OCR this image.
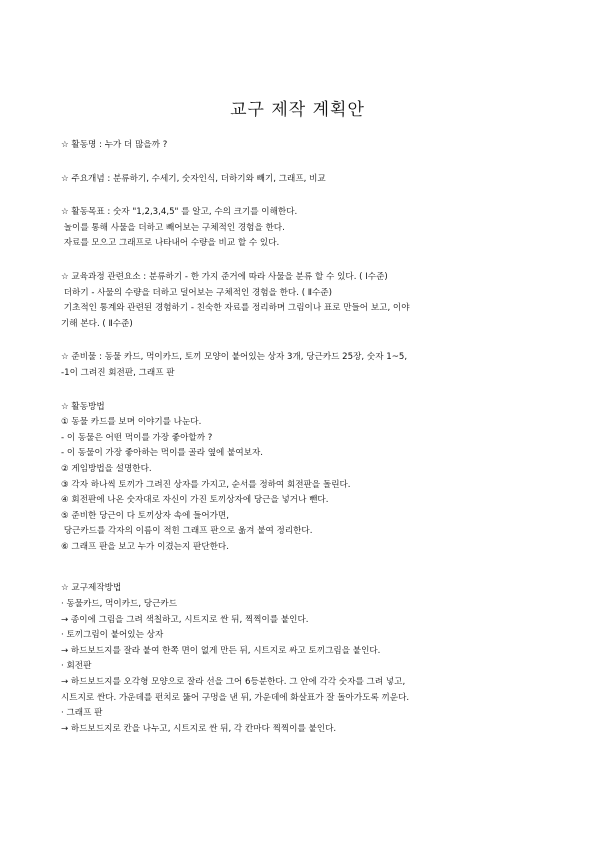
교구 제작 계획안

☆ 활동명 : 누가 더 많을까 ?

☆ 주요개념 : 분류하기, 수세기, 숫자인식, 더하기와 빼기, 그래프, 비교

☆ 활동목표 : 숫자 "1,2,3,4,5" 를 알고, 수의 크기를 이해한다.

놀이를 통해 사물을 더하고 빼어보는 구체적인 경험을 한다.

자료를 모으고 그래프로 나타내어 수량을 비교 할 수 있다.

☆ 교육과정 관련요소 : 분류하기 - 한 가지 준거에 따라 사물을 분류 할 수 있다. ( Ⅰ수준)

더하기 - 사물의 수량을 더하고 덜어보는 구체적인 경험을 한다. ( Ⅱ수준)

기초적인 통계와 관련된 경험하기 - 친숙한 자료를 정리하며 그림이나 표로 만들어 보고, 이야

기해 본다. ( Ⅱ수준)

☆ 준비물 : 동물 카드, 먹이카드, 토끼 모양이 붙어있는 상자 3개, 당근카드 25장, 숫자 1~5,

-1이 그려진 회전판, 그래프 판

☆ 활동방법

① 동물 카드를 보며 이야기를 나눈다.

- 이 동물은 어떤 먹이를 가장 좋아할까 ?

- 이 동물이 가장 좋아하는 먹이를 골라 옆에 붙여보자.

② 게임방법을 설명한다.

③ 각자 하나씩 토끼가 그려진 상자를 가지고, 순서를 정하여 회전판을 돌린다.

④ 회전판에 나온 숫자대로 자신이 가진 토끼상자에 당근을 넣거나 뺀다.

⑤ 준비한 당근이 다 토끼상자 속에 들어가면,

당근카드를 각자의 이름이 적힌 그래프 판으로 옮겨 붙여 정리한다.

⑥ 그래프 판을 보고 누가 이겼는지 판단한다.

☆ 교구제작방법

· 동물카드, 먹이카드, 당근카드

→ 종이에 그림을 그려 색칠하고, 시트지로 싼 뒤, 찍찍이를 붙인다.

· 토끼그림이 붙어있는 상자

→ 하드보드지를 잘라 붙여 한쪽 면이 없게 만든 뒤, 시트지로 싸고 토끼그림을 붙인다.

· 회전판

→ 하드보드지를 오각형 모양으로 잘라 선을 그어 6등분한다. 그 안에 각각 숫자를 그려 넣고,

시트지로 싼다. 가운데를 펀치로 뚫어 구멍을 낸 뒤, 가운데에 화살표가 잘 돌아가도록 끼운다.

· 그래프 판

→ 하드보드지로 칸을 나누고, 시트지로 싼 뒤, 각 칸마다 찍찍이를 붙인다.
